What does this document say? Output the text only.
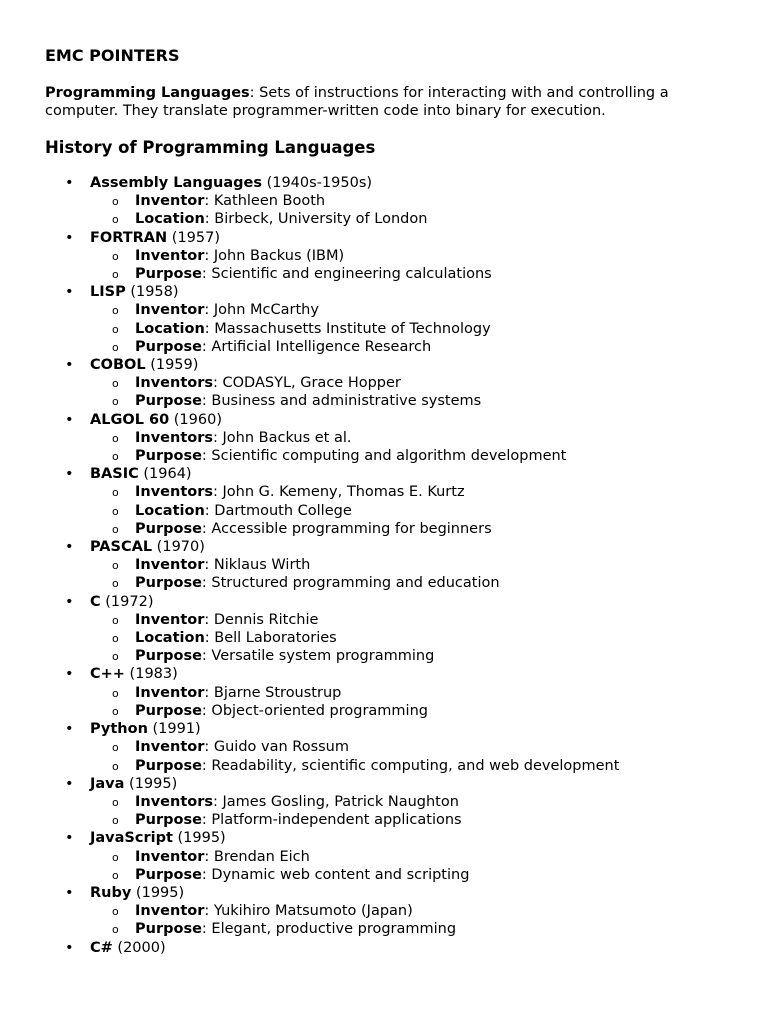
EMC POINTERS

Programming Languages: Sets of instructions for interacting with and controlling a computer. They translate programmer-written code into binary for execution.

History of Programming Languages
• Assembly Languages (1940s-1950s)
o Inventor: Kathleen Booth
o Location: Birbeck, University of London
• FORTRAN (1957)
o Inventor: John Backus (IBM)
o Purpose: Scientific and engineering calculations
• LISP (1958)
o Inventor: John McCarthy
o Location: Massachusetts Institute of Technology
o Purpose: Artificial Intelligence Research
• COBOL (1959)
o Inventors: CODASYL, Grace Hopper
o Purpose: Business and administrative systems
• ALGOL 60 (1960)
o Inventors: John Backus et al.
o Purpose: Scientific computing and algorithm development
• BASIC (1964)
o Inventors: John G. Kemeny, Thomas E. Kurtz
o Location: Dartmouth College
o Purpose: Accessible programming for beginners
• PASCAL (1970)
o Inventor: Niklaus Wirth
o Purpose: Structured programming and education
• C (1972)
o Inventor: Dennis Ritchie
o Location: Bell Laboratories
o Purpose: Versatile system programming
• C++ (1983)
o Inventor: Bjarne Stroustrup
o Purpose: Object-oriented programming
• Python (1991)
o Inventor: Guido van Rossum
o Purpose: Readability, scientific computing, and web development
• Java (1995)
o Inventors: James Gosling, Patrick Naughton
o Purpose: Platform-independent applications
• JavaScript (1995)
o Inventor: Brendan Eich
o Purpose: Dynamic web content and scripting
• Ruby (1995)
o Inventor: Yukihiro Matsumoto (Japan)
o Purpose: Elegant, productive programming
• C# (2000)
